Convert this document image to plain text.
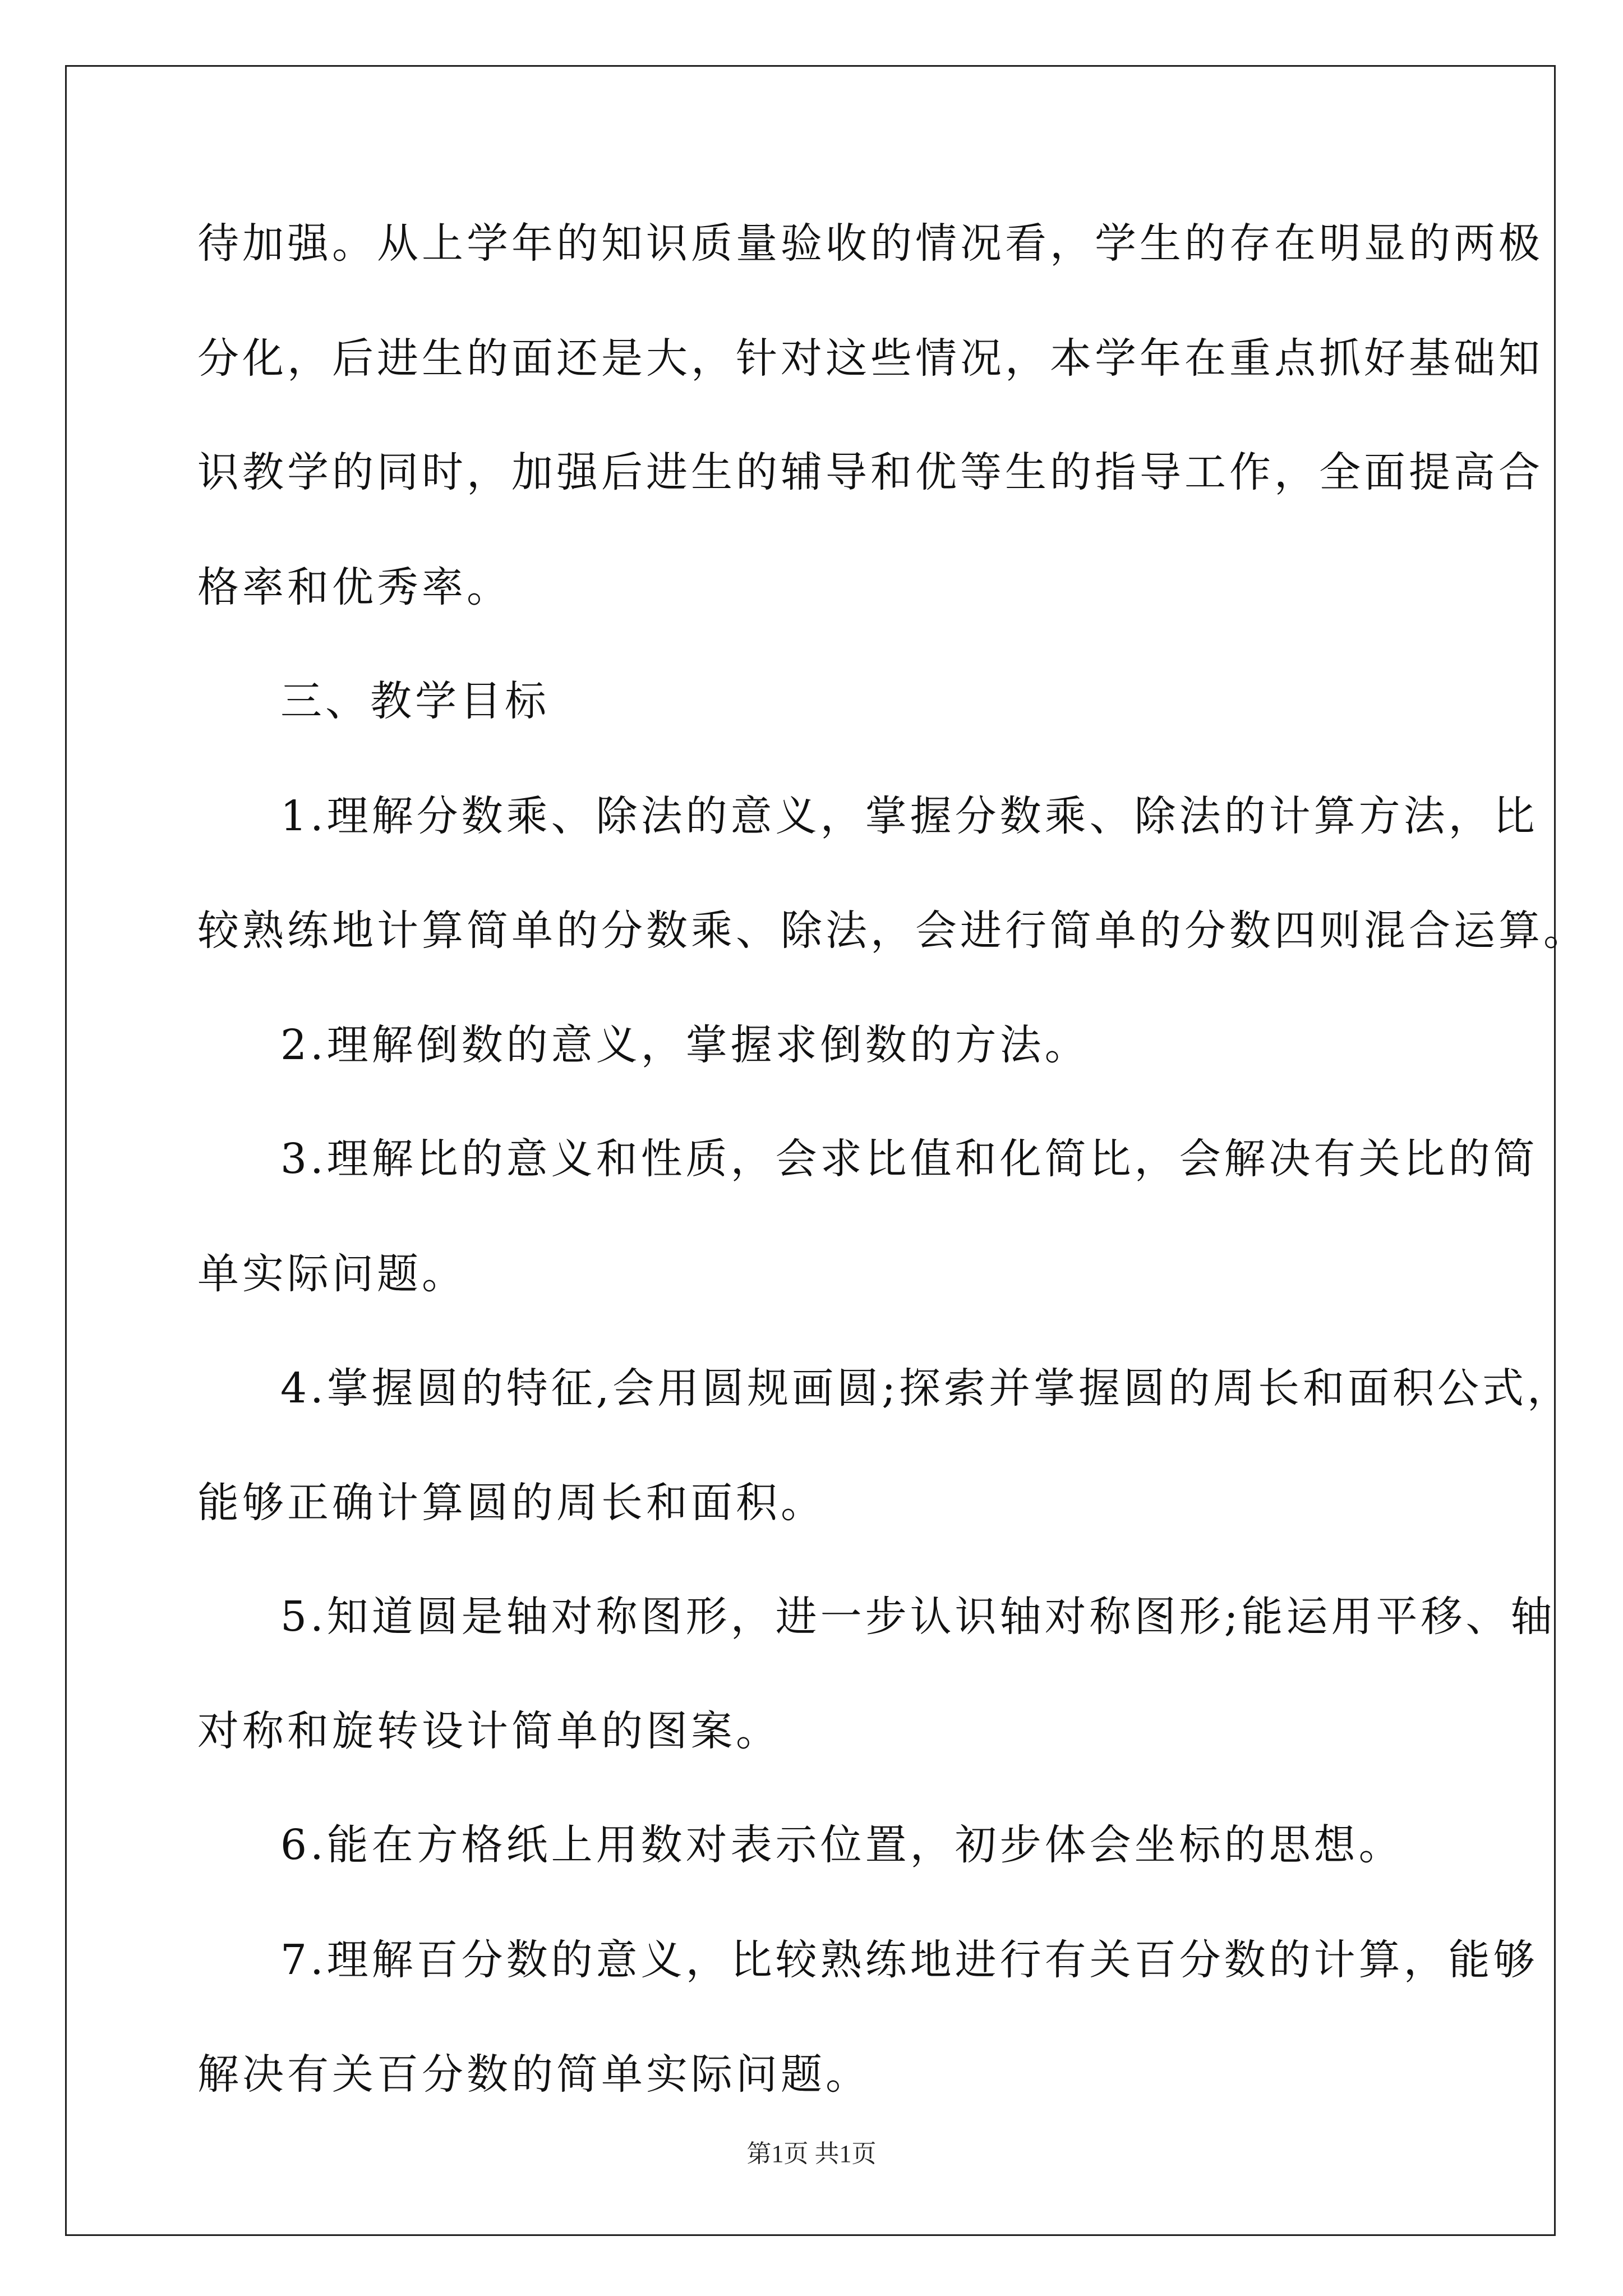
待加强。从上学年的知识质量验收的情况看，学生的存在明显的两极
分化，后进生的面还是大，针对这些情况，本学年在重点抓好基础知
识教学的同时，加强后进生的辅导和优等生的指导工作，全面提高合
格率和优秀率。
三、教学目标
1.理解分数乘、除法的意义，掌握分数乘、除法的计算方法，比
较熟练地计算简单的分数乘、除法，会进行简单的分数四则混合运算。
2.理解倒数的意义，掌握求倒数的方法。
3.理解比的意义和性质，会求比值和化简比，会解决有关比的简
单实际问题。
4.掌握圆的特征,会用圆规画圆;探索并掌握圆的周长和面积公式，
能够正确计算圆的周长和面积。
5.知道圆是轴对称图形，进一步认识轴对称图形;能运用平移、轴
对称和旋转设计简单的图案。
6.能在方格纸上用数对表示位置，初步体会坐标的思想。
7.理解百分数的意义，比较熟练地进行有关百分数的计算，能够
解决有关百分数的简单实际问题。
第1页 共1页
